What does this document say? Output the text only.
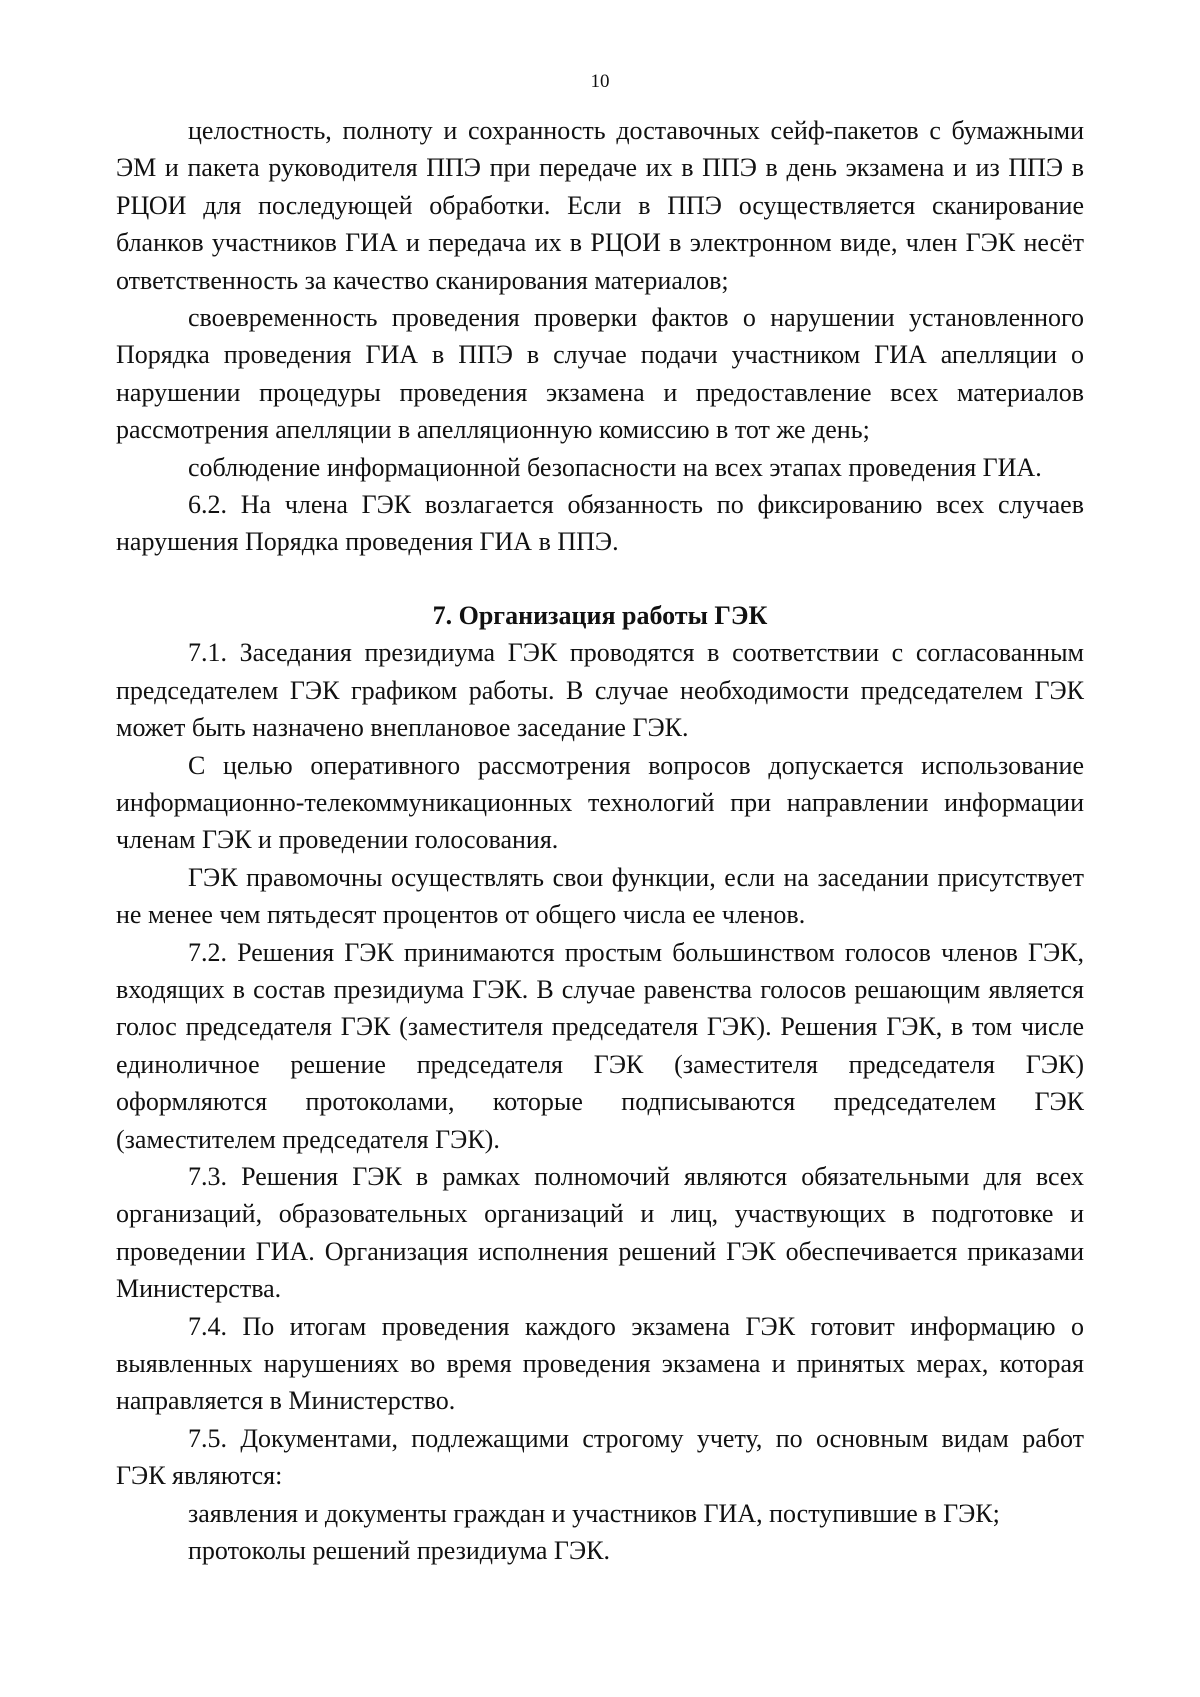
10

целостность, полноту и сохранность доставочных сейф-пакетов с бумажными ЭМ и пакета руководителя ППЭ при передаче их в ППЭ в день экзамена и из ППЭ в РЦОИ для последующей обработки. Если в ППЭ осуществляется сканирование бланков участников ГИА и передача их в РЦОИ в электронном виде, член ГЭК несёт ответственность за качество сканирования материалов;

своевременность проведения проверки фактов о нарушении установленного Порядка проведения ГИА в ППЭ в случае подачи участником ГИА апелляции о нарушении процедуры проведения экзамена и предоставление всех материалов рассмотрения апелляции в апелляционную комиссию в тот же день;

соблюдение информационной безопасности на всех этапах проведения ГИА.

6.2. На члена ГЭК возлагается обязанность по фиксированию всех случаев нарушения Порядка проведения ГИА в ППЭ.

7. Организация работы ГЭК

7.1. Заседания президиума ГЭК проводятся в соответствии с согласованным председателем ГЭК графиком работы. В случае необходимости председателем ГЭК может быть назначено внеплановое заседание ГЭК.

С целью оперативного рассмотрения вопросов допускается использование информационно-телекоммуникационных технологий при направлении информации членам ГЭК и проведении голосования.

ГЭК правомочны осуществлять свои функции, если на заседании присутствует не менее чем пятьдесят процентов от общего числа ее членов.

7.2. Решения ГЭК принимаются простым большинством голосов членов ГЭК, входящих в состав президиума ГЭК. В случае равенства голосов решающим является голос председателя ГЭК (заместителя председателя ГЭК). Решения ГЭК, в том числе единоличное решение председателя ГЭК (заместителя председателя ГЭК) оформляются протоколами, которые подписываются председателем ГЭК (заместителем председателя ГЭК).

7.3. Решения ГЭК в рамках полномочий являются обязательными для всех организаций, образовательных организаций и лиц, участвующих в подготовке и проведении ГИА. Организация исполнения решений ГЭК обеспечивается приказами Министерства.

7.4. По итогам проведения каждого экзамена ГЭК готовит информацию о выявленных нарушениях во время проведения экзамена и принятых мерах, которая направляется в Министерство.

7.5. Документами, подлежащими строгому учету, по основным видам работ ГЭК являются:

заявления и документы граждан и участников ГИА, поступившие в ГЭК;

протоколы решений президиума ГЭК.
